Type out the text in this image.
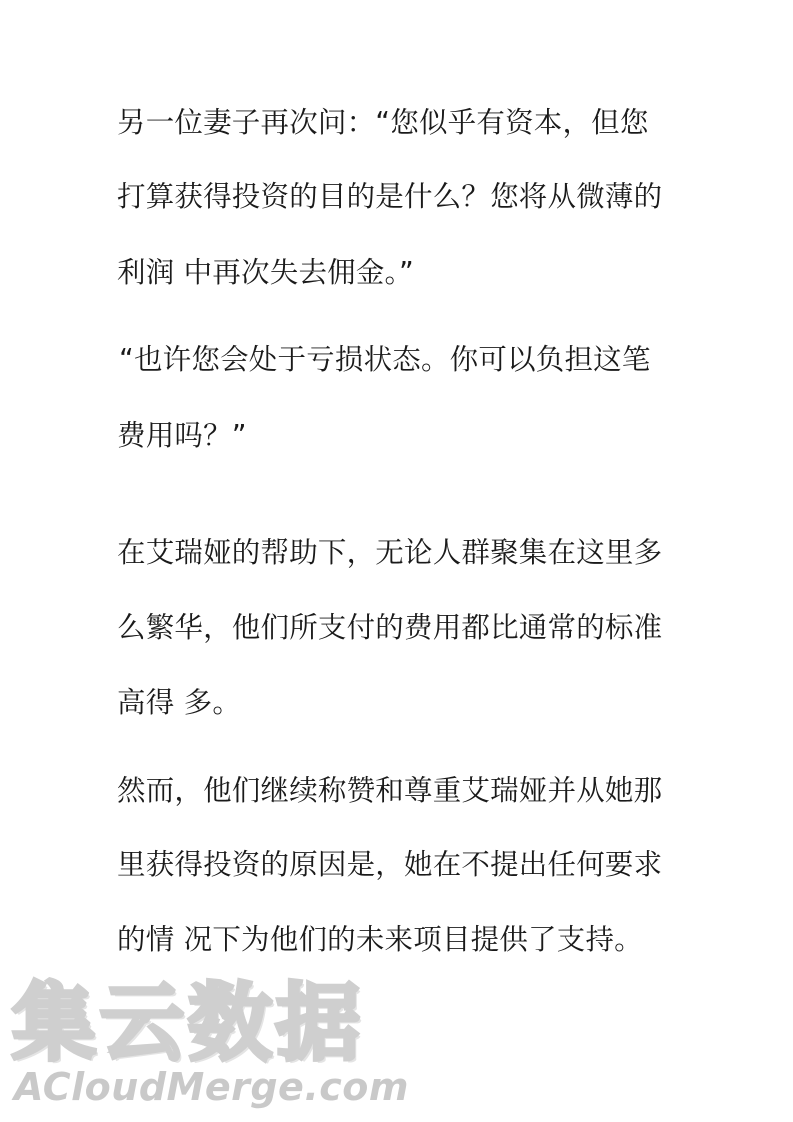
另一位妻子再次问：“您似乎有资本，但您
打算获得投资的目的是什么？您将从微薄的
利润 中再次失去佣金。”
“也许您会处于亏损状态。你可以负担这笔
费用吗？”
在艾瑞娅的帮助下，无论人群聚集在这里多
么繁华，他们所支付的费用都比通常的标准
高得 多。
然而，他们继续称赞和尊重艾瑞娅并从她那
里获得投资的原因是，她在不提出任何要求
的情 况下为他们的未来项目提供了支持。
集云数据
ACloudMerge.com
